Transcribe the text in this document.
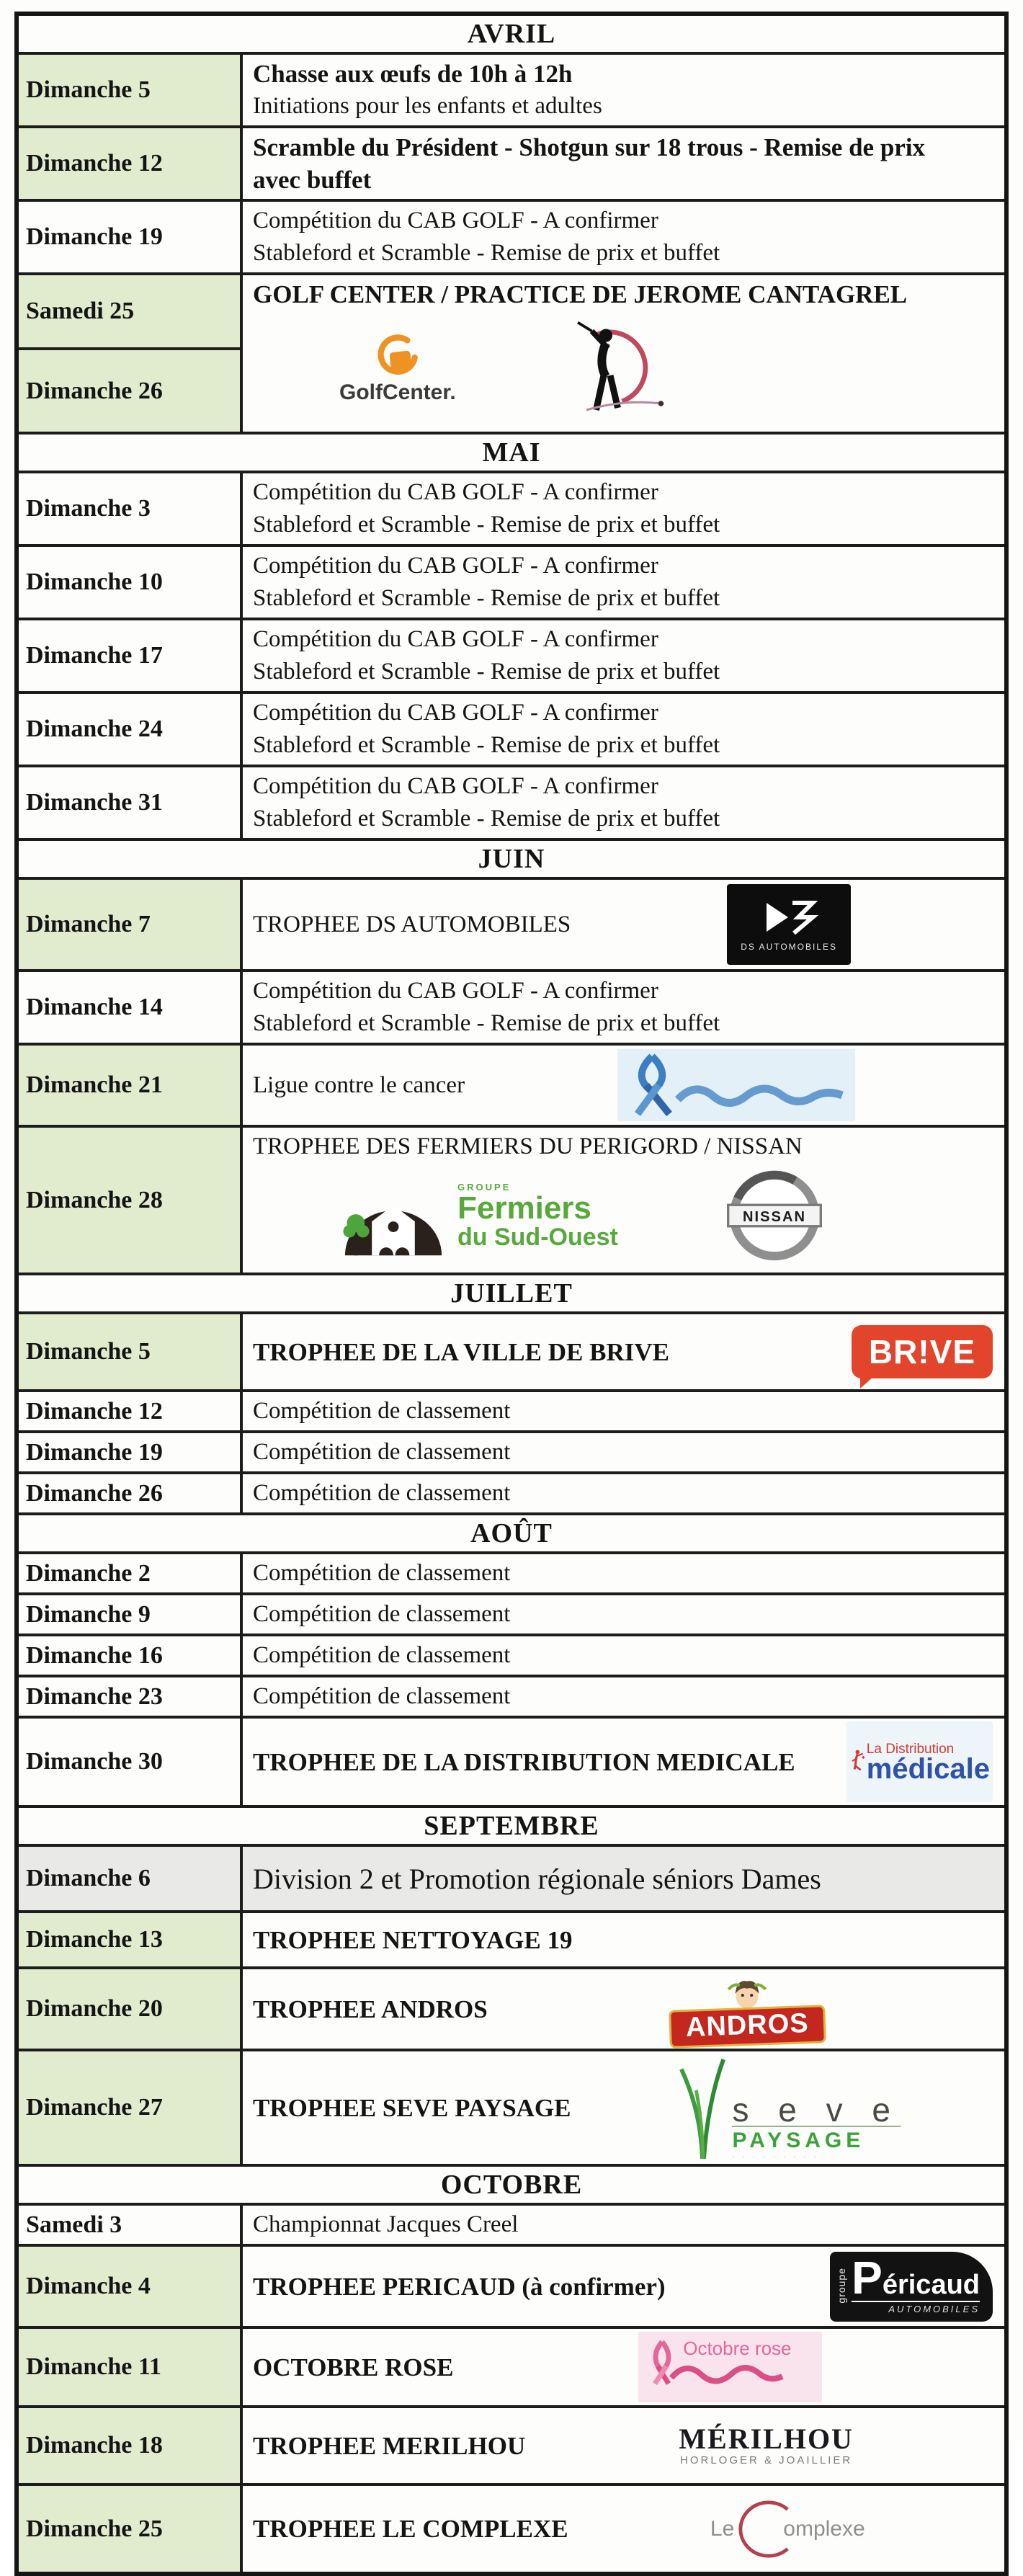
AVRIL	
Dimanche 5	Chasse aux œufs de 10h à 12h
Initiations pour les enfants et adultes

Dimanche 12	Scramble du Président - Shotgun sur 18 trous - Remise de prix
avec buffet

Dimanche 19	Compétition du CAB GOLF - A confirmer
Stableford et Scramble - Remise de prix et buffet

Samedi 25	GOLF CENTER / PRACTICE DE JEROME CANTAGREL
GolfCenter.

Dimanche 26	
MAI	
Dimanche 3	Compétition du CAB GOLF - A confirmer
Stableford et Scramble - Remise de prix et buffet

Dimanche 10	Compétition du CAB GOLF - A confirmer
Stableford et Scramble - Remise de prix et buffet

Dimanche 17	Compétition du CAB GOLF - A confirmer
Stableford et Scramble - Remise de prix et buffet

Dimanche 24	Compétition du CAB GOLF - A confirmer
Stableford et Scramble - Remise de prix et buffet

Dimanche 31	Compétition du CAB GOLF - A confirmer
Stableford et Scramble - Remise de prix et buffet

JUIN	
Dimanche 7	TROPHEE DS AUTOMOBILES
DS AUTOMOBILES

Dimanche 14	Compétition du CAB GOLF - A confirmer
Stableford et Scramble - Remise de prix et buffet

Dimanche 21	Ligue contre le cancer

Dimanche 28	TROPHEE DES FERMIERS DU PERIGORD / NISSAN
GROUPE
Fermiers
du Sud-Ouest
NISSAN

JUILLET	
Dimanche 5	TROPHEE DE LA VILLE DE BRIVE BR!VE

Dimanche 12	Compétition de classement

Dimanche 19	Compétition de classement

Dimanche 26	Compétition de classement

AOÛT	
Dimanche 2	Compétition de classement

Dimanche 9	Compétition de classement

Dimanche 16	Compétition de classement

Dimanche 23	Compétition de classement

Dimanche 30	TROPHEE DE LA DISTRIBUTION MEDICALE La Distribution
médicale

SEPTEMBRE	
Dimanche 6	Division 2 et Promotion régionale séniors Dames

Dimanche 13	TROPHEE NETTOYAGE 19

Dimanche 20	TROPHEE ANDROS ANDROS

Dimanche 27	TROPHEE SEVE PAYSAGE s e v e
PAYSAGE
· · · · · · · · ·

OCTOBRE	
Samedi 3	Championnat Jacques Creel

Dimanche 4	TROPHEE PERICAUD (à confirmer) groupe Péricaud
AUTOMOBILES

Dimanche 11	OCTOBRE ROSE
Octobre rose

Dimanche 18	TROPHEE MERILHOU MÉRILHOU
HORLOGER & JOAILLIER

Dimanche 25	TROPHEE LE COMPLEXE Le omplexe
